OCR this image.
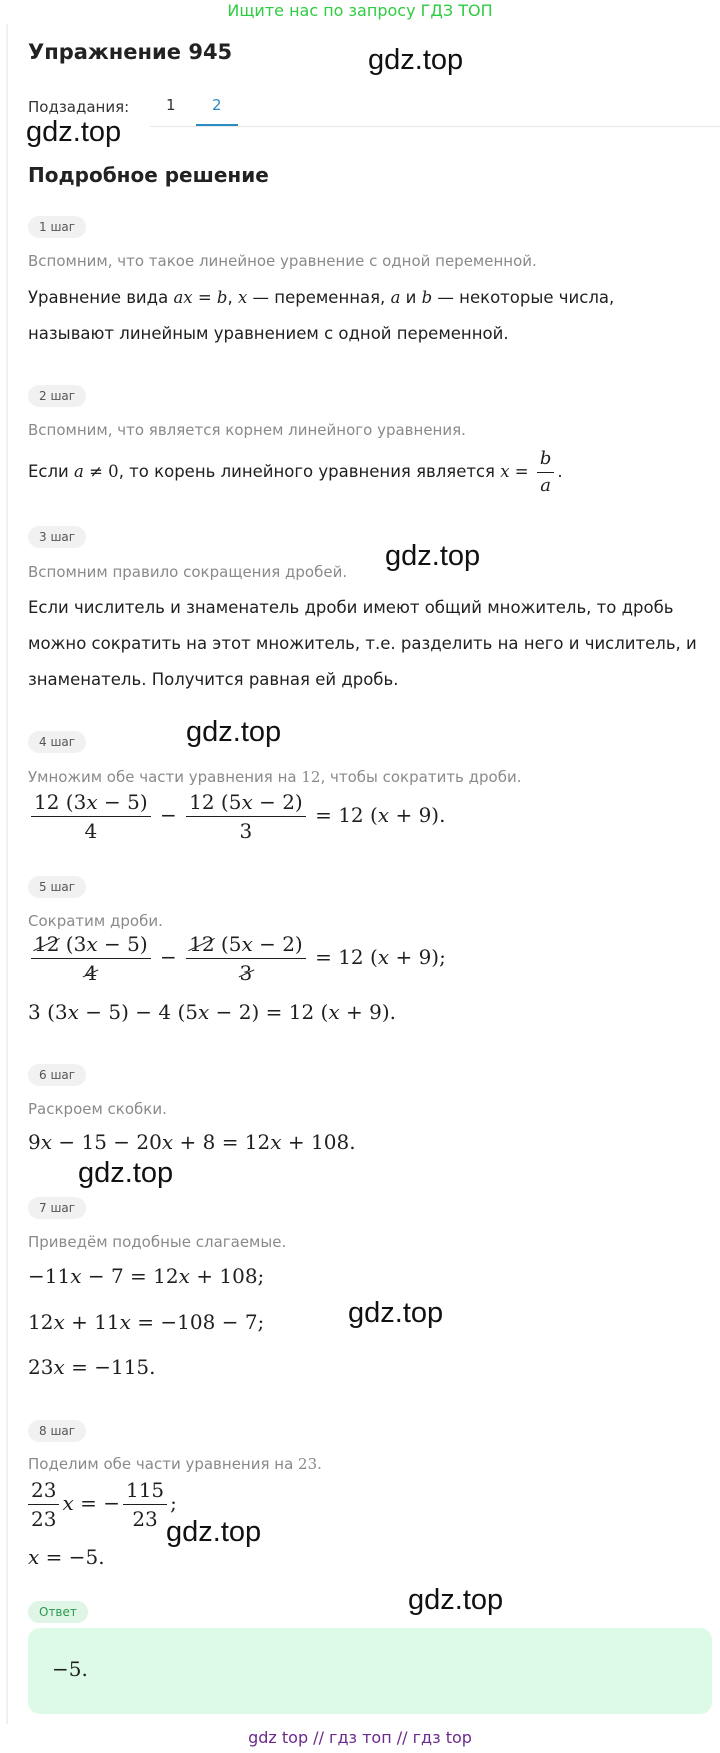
Ищите нас по запросу ГДЗ ТОП
Упражнение 945	gdz.top
Подзадания: 1 2
gdz.top
Подробное решение
1 шаг
Вспомним, что такое линейное уравнение с одной переменной.
Уравнение вида ax = b, x — переменная, a и b — некоторые числа, называют линейным уравнением с одной переменной.
2 шаг
Вспомним, что является корнем линейного уравнения.
Если a ≠ 0, то корень линейного уравнения является $x = \frac{b}{a}$ .
3 шаг
Вспомним правило сокращения дробей. gdz.top
Если числитель и знаменатель дроби имеют общий множитель, то дробь можно сократить на этот множитель, т.е. разделить на него и числитель, и знаменатель. Получится равная ей дробь.
gdz.top
4 шаг
Умножим обе части уравнения на 12, чтобы сократить дроби.
$\frac{12 (3x - 5)}{4} - \frac{12 (5x - 2)}{3} = 12$ (x + 9).
5 шаг
Сократим дроби.
$\frac{12 (3x - 5)}{4} - \frac{12 (5x - 2)}{3} = 12$ (x + 9);
3 (3x − 5) − 4 (5x − 2) = 12 (x + 9).
6 шаг
Раскроем скобки.
9x − 15 − 20x + 8 = 12x + 108.
gdz.top
7 шаг
Приведём подобные слагаемые.
−11x − 7 = 12x + 108;
12x + 11x = −108 − 7;	gdz.top
23x = −115.
8 шаг
Поделим обе части уравнения на 23.
$\frac{23}{23}$ x = − $\frac{115}{23}$ ;
gdz.top
x = −5.
gdz.top
Ответ
−5.
gdz top // гдз топ // гдз top
